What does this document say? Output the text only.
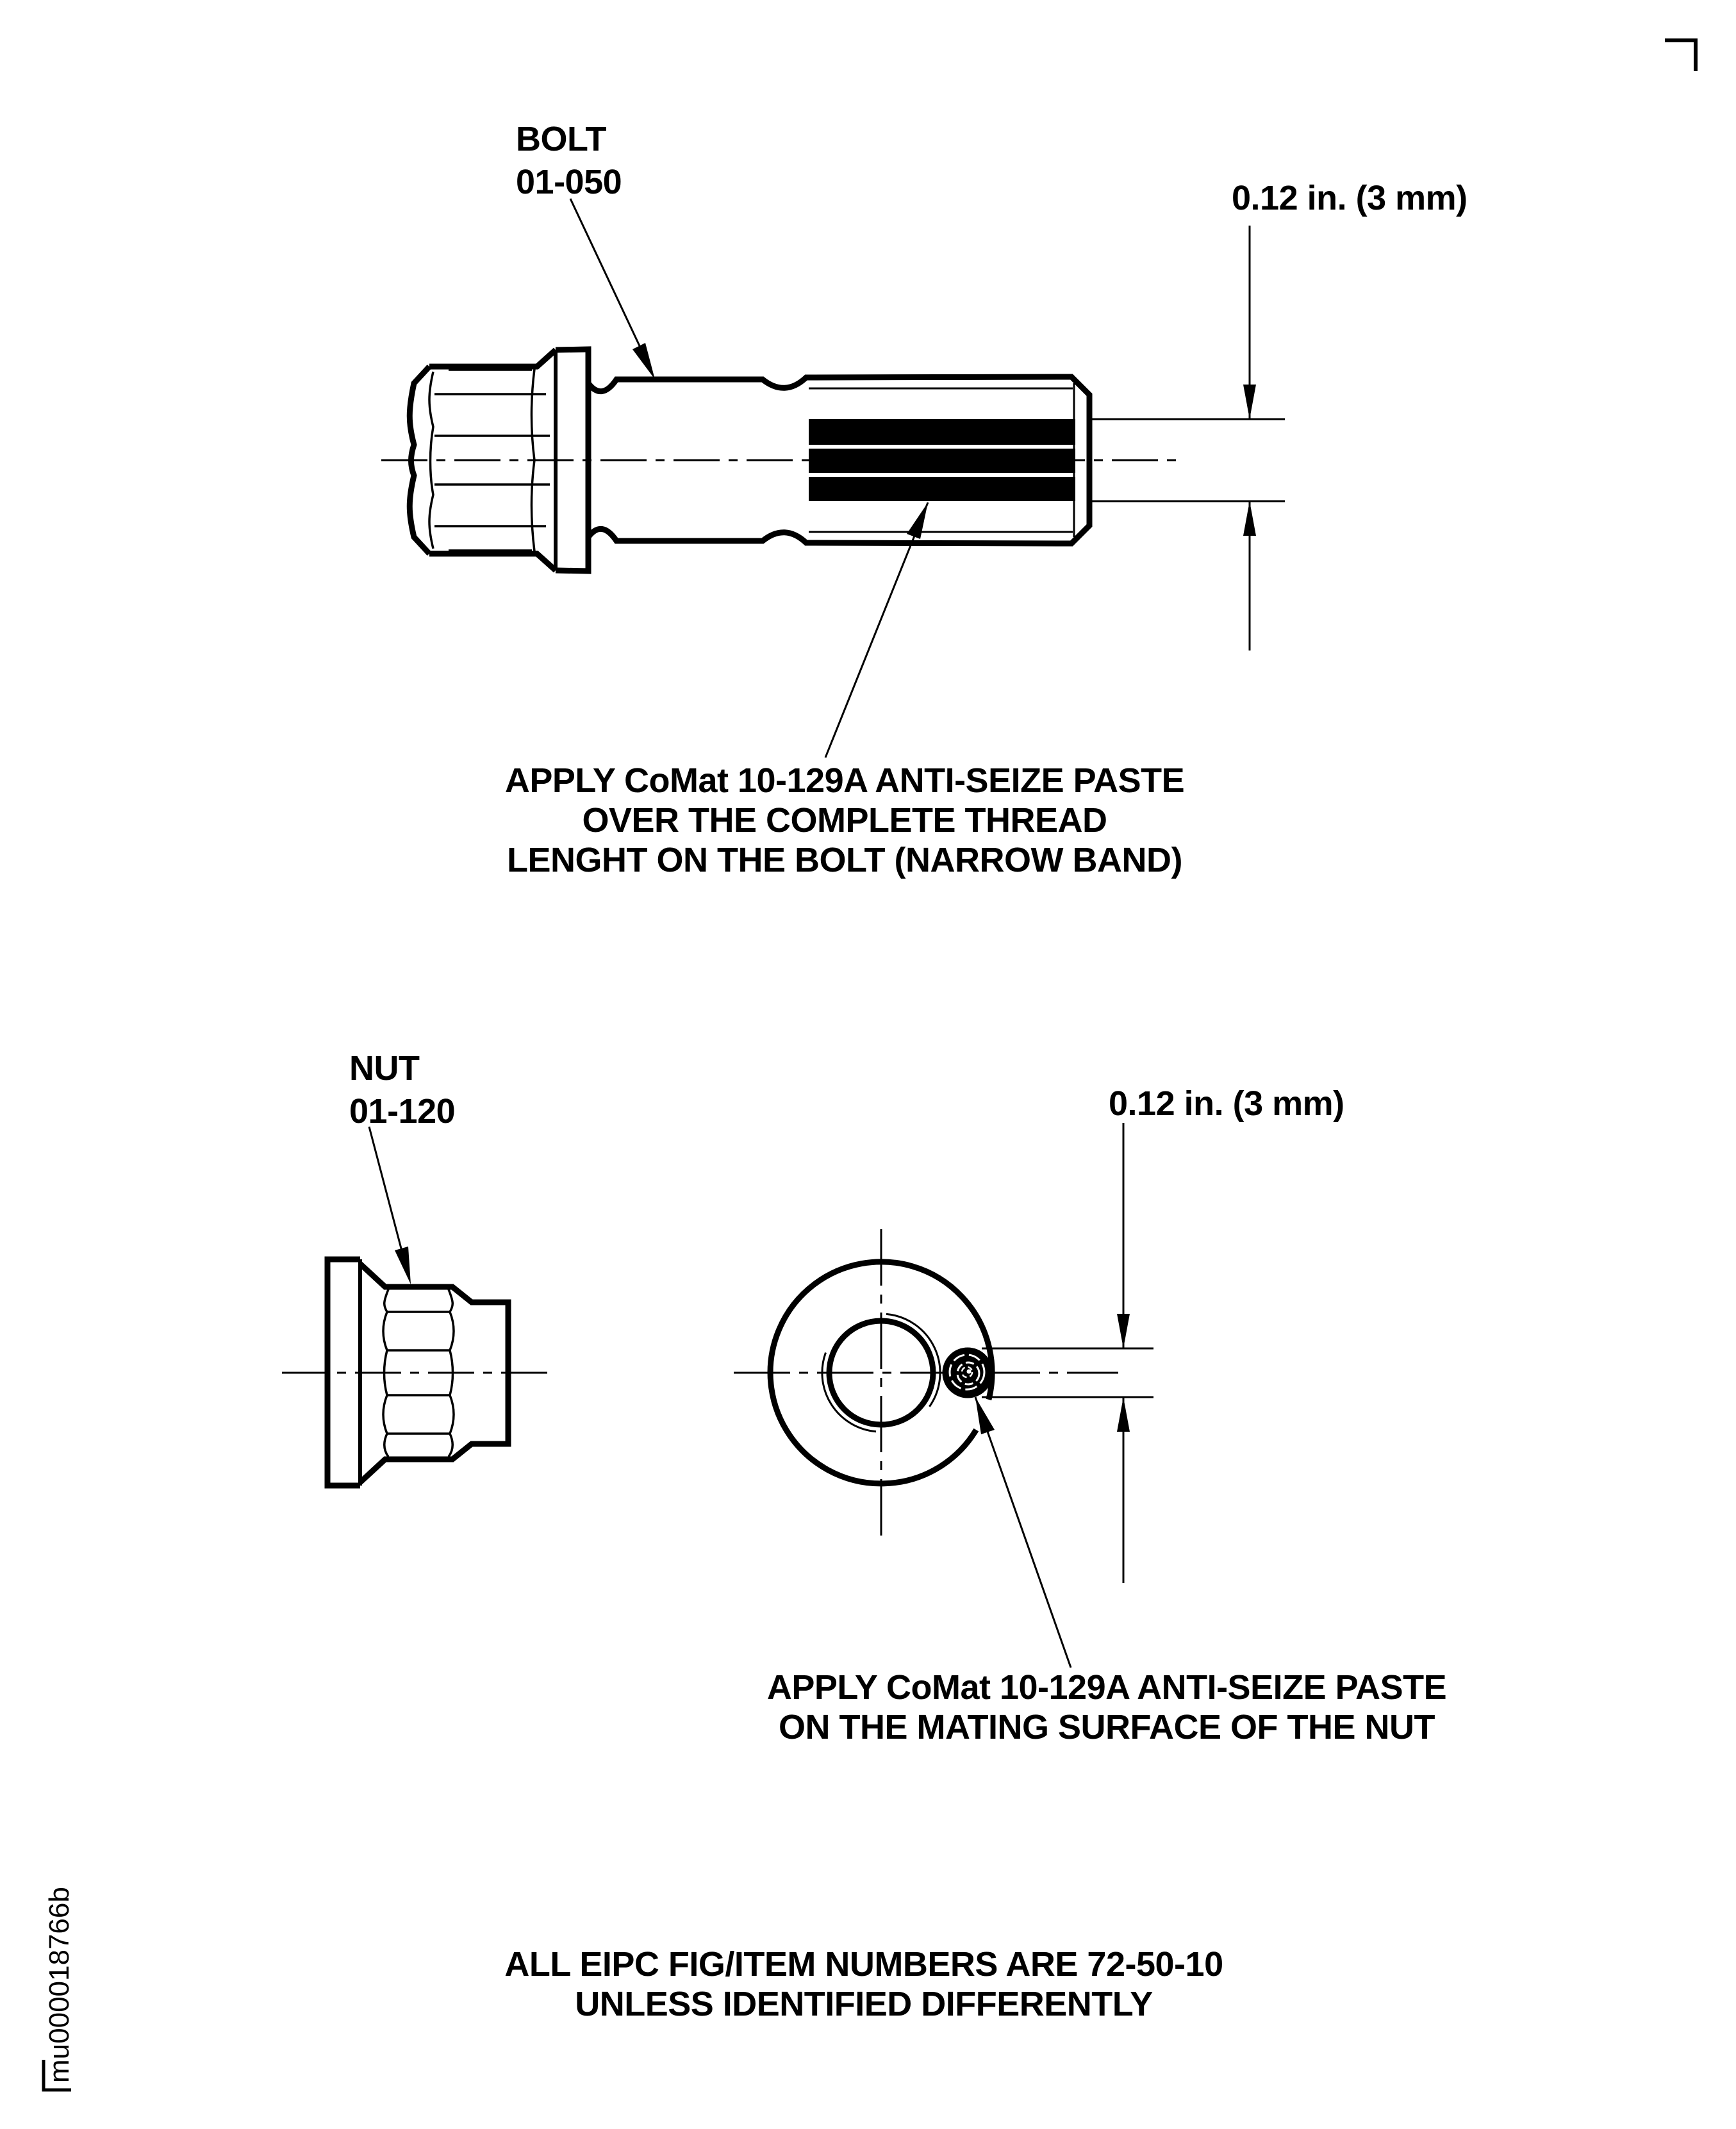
BOLT
01-050	0.12 in. (3 mm)
APPLY CoMat 10-129A ANTI-SEIZE PASTE
OVER THE COMPLETE THREAD
LENGHT ON THE BOLT (NARROW BAND)
NUT
01-120	0.12 in. (3 mm)
APPLY CoMat 10-129A ANTI-SEIZE PASTE
ON THE MATING SURFACE OF THE NUT
ALL EIPC FIG/ITEM NUMBERS ARE 72-50-10
UNLESS IDENTIFIED DIFFERENTLY
mu000018766b
